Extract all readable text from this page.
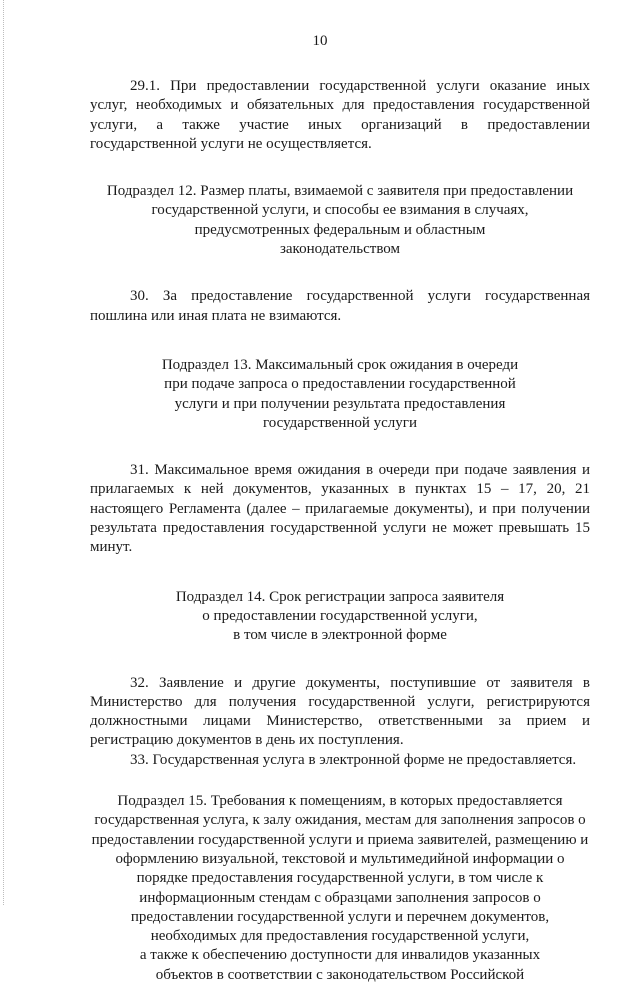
10

29.1. При предоставлении государственной услуги оказание иных услуг, необходимых и обязательных для предоставления государственной услуги, а также участие иных организаций в предоставлении государственной услуги не осуществляется.

Подраздел 12. Размер платы, взимаемой с заявителя при предоставлении
государственной услуги, и способы ее взимания в случаях,
предусмотренных федеральным и областным
законодательством

30. За предоставление государственной услуги государственная пошлина или иная плата не взимаются.

Подраздел 13. Максимальный срок ожидания в очереди
при подаче запроса о предоставлении государственной
услуги и при получении результата предоставления
государственной услуги

31. Максимальное время ожидания в очереди при подаче заявления и прилагаемых к ней документов, указанных в пунктах 15 – 17, 20, 21 настоящего Регламента (далее – прилагаемые документы), и при получении результата предоставления государственной услуги не может превышать 15 минут.

Подраздел 14. Срок регистрации запроса заявителя
о предоставлении государственной услуги,
в том числе в электронной форме

32. Заявление и другие документы, поступившие от заявителя в Министерство для получения государственной услуги, регистрируются должностными лицами Министерство, ответственными за прием и регистрацию документов в день их поступления.

33. Государственная услуга в электронной форме не предоставляется.

Подраздел 15. Требования к помещениям, в которых предоставляется
государственная услуга, к залу ожидания, местам для заполнения запросов о
предоставлении государственной услуги и приема заявителей, размещению и
оформлению визуальной, текстовой и мультимедийной информации о
порядке предоставления государственной услуги, в том числе к
информационным стендам с образцами заполнения запросов о
предоставлении государственной услуги и перечнем документов,
необходимых для предоставления государственной услуги,
а также к обеспечению доступности для инвалидов указанных
объектов в соответствии с законодательством Российской
